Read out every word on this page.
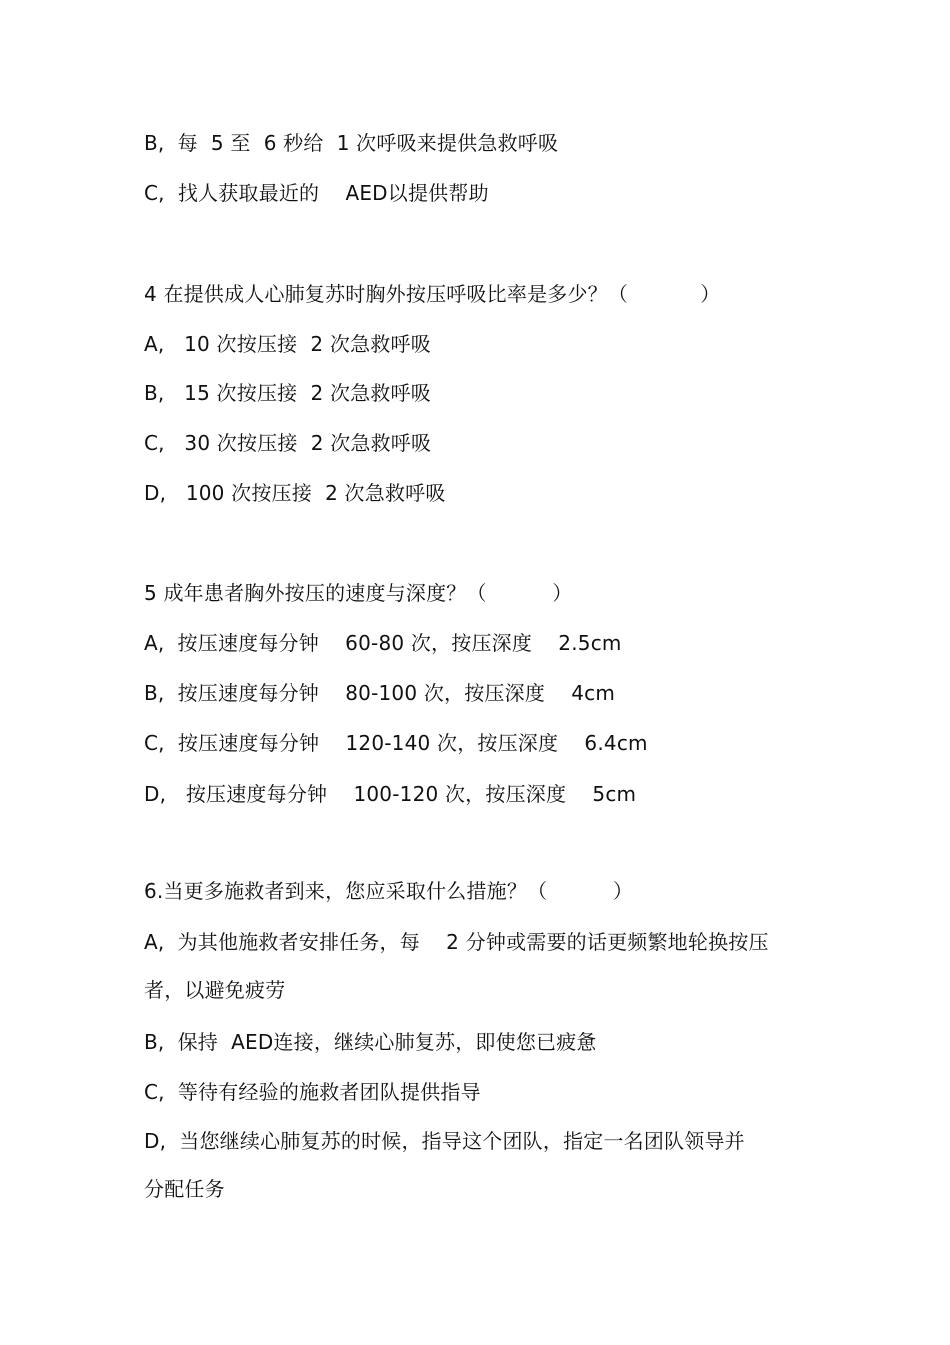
B,  每  5 至  6 秒给  1 次呼吸来提供急救呼吸
C,  找人获取最近的    AED以提供帮助
4 在提供成人心肺复苏时胸外按压呼吸比率是多少？（           ）
A,   10 次按压接  2 次急救呼吸
B,   15 次按压接  2 次急救呼吸
C,   30 次按压接  2 次急救呼吸
D,   100 次按压接  2 次急救呼吸
5 成年患者胸外按压的速度与深度？（          ）
A,  按压速度每分钟    60-80 次，按压深度    2.5cm
B,  按压速度每分钟    80-100 次，按压深度    4cm
C,  按压速度每分钟    120-140 次，按压深度    6.4cm
D,   按压速度每分钟    100-120 次，按压深度    5cm
6.当更多施救者到来，您应采取什么措施？（          ）
A,  为其他施救者安排任务，每    2 分钟或需要的话更频繁地轮换按压
者，以避免疲劳
B,  保持  AED连接，继续心肺复苏，即使您已疲惫
C,  等待有经验的施救者团队提供指导
D,  当您继续心肺复苏的时候，指导这个团队，指定一名团队领导并
分配任务
